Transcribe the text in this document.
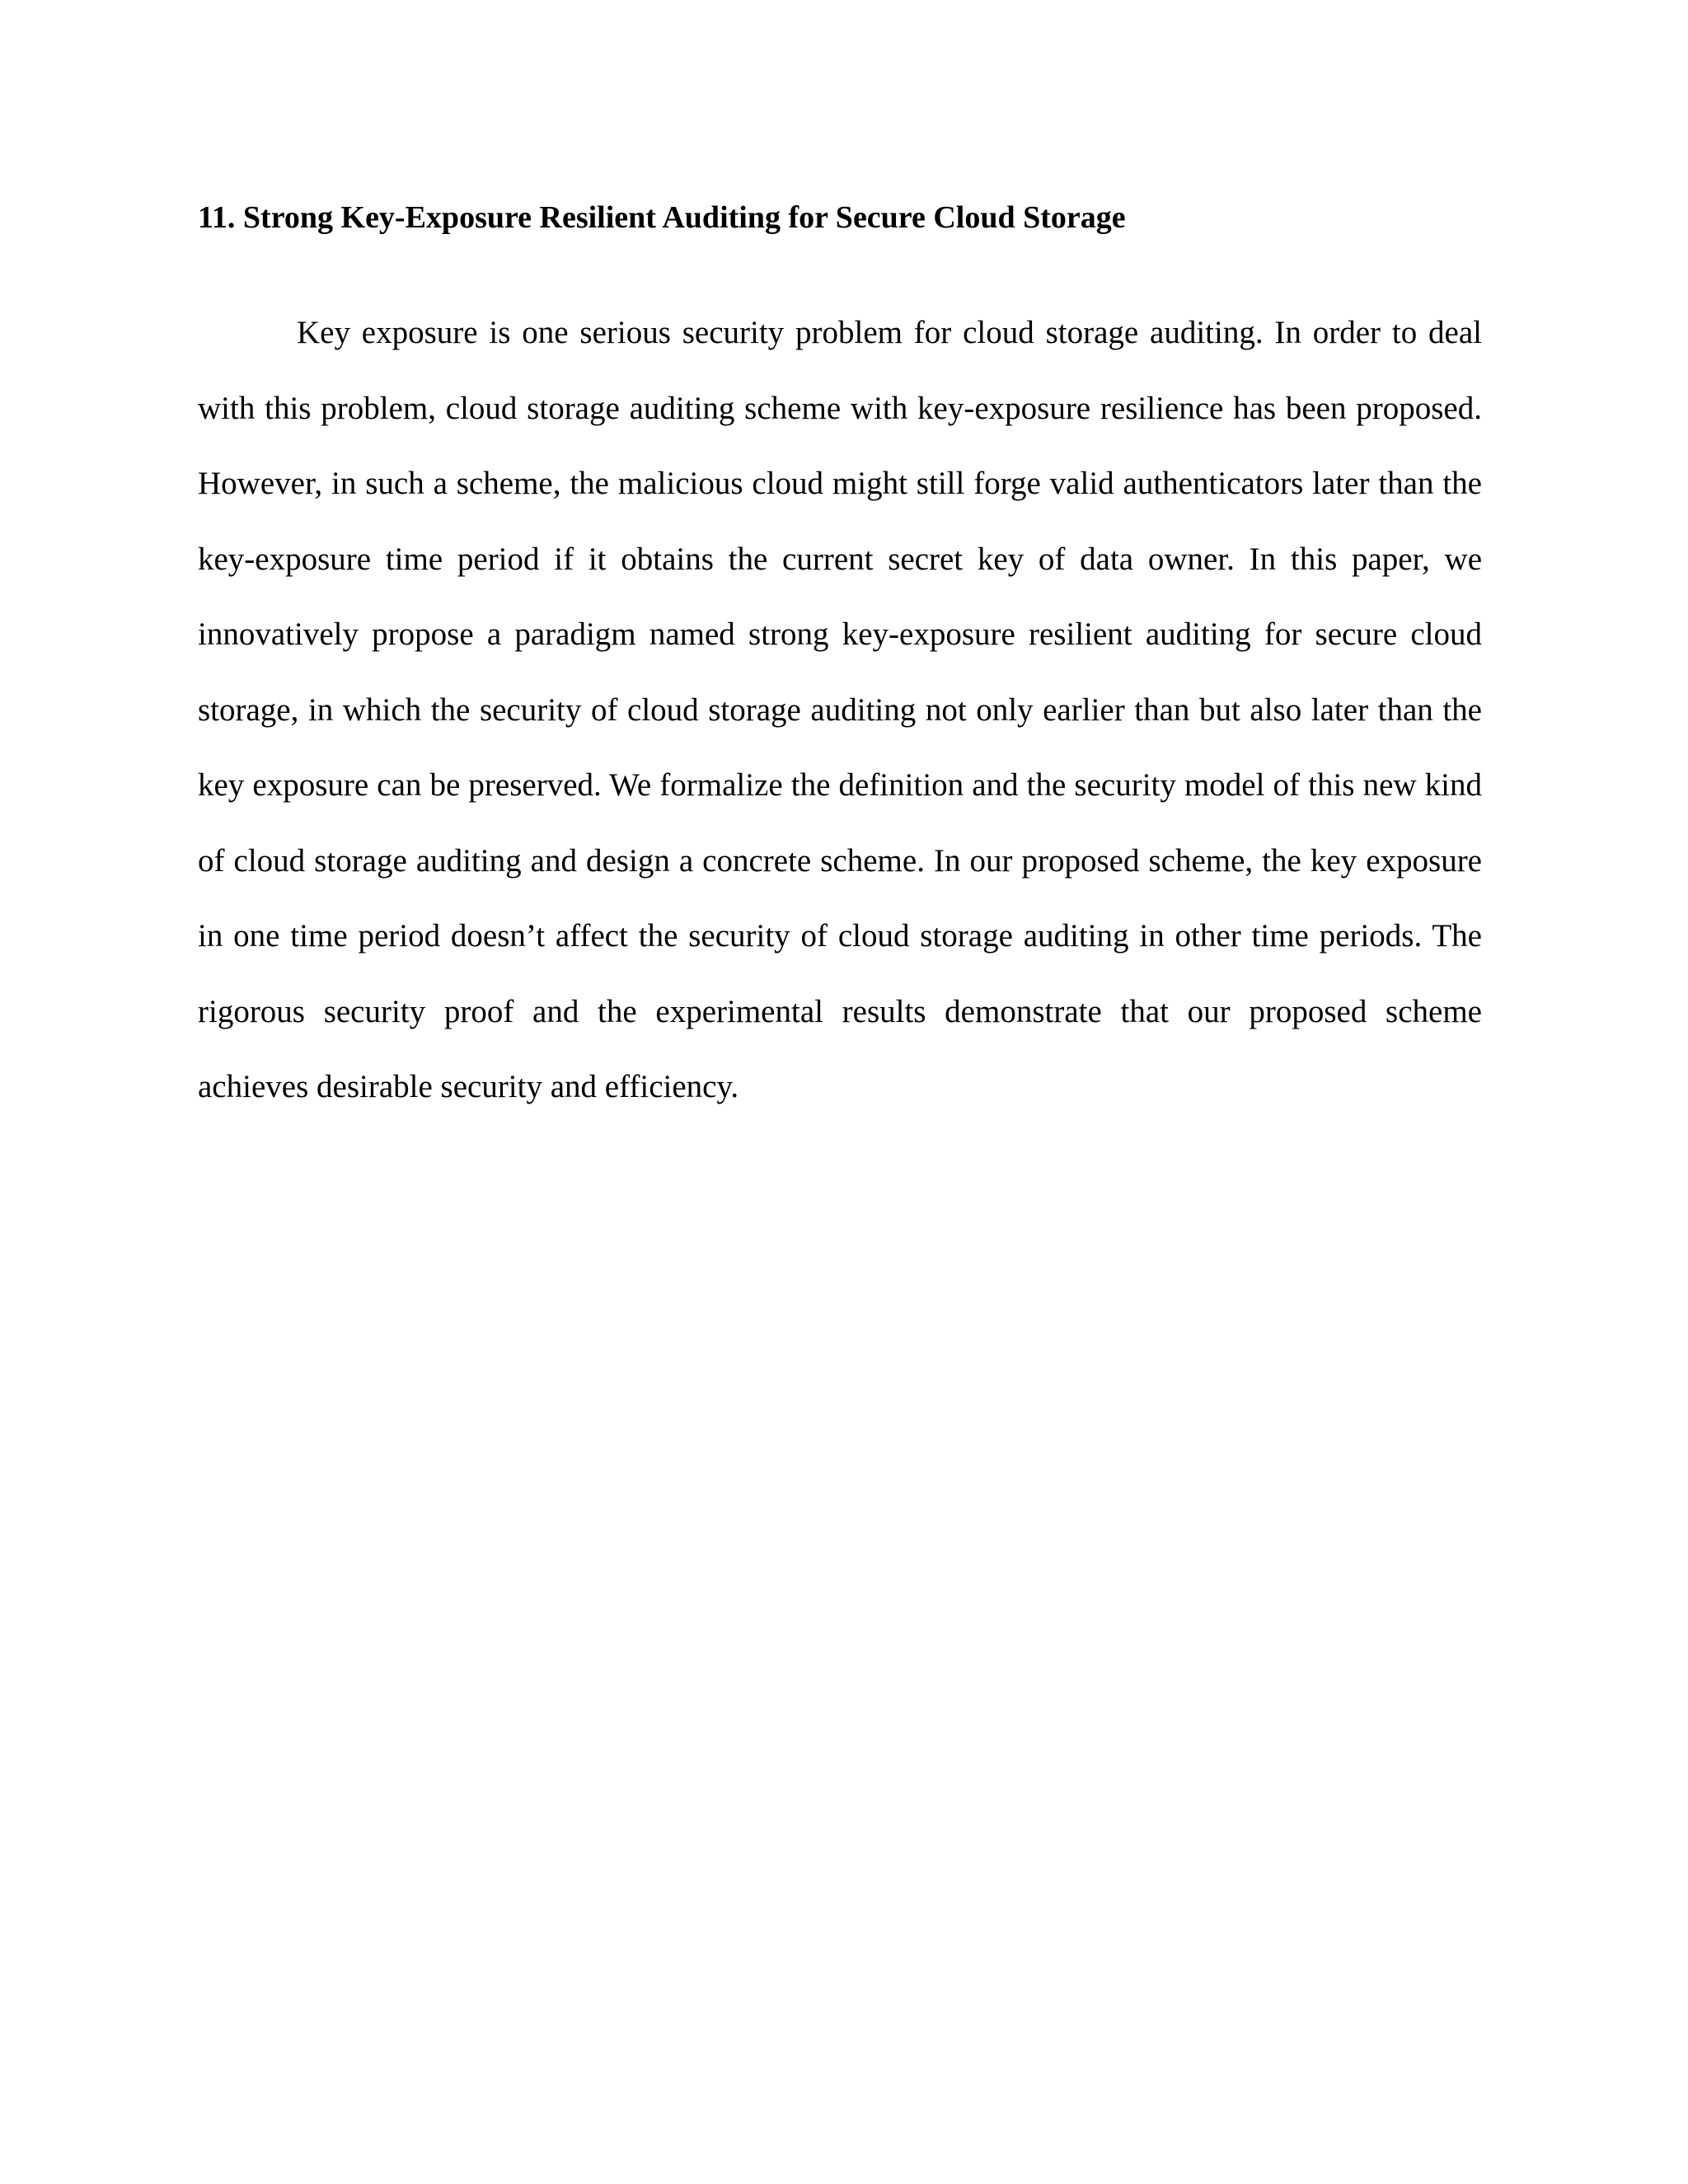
11. Strong Key-Exposure Resilient Auditing for Secure Cloud Storage

Key exposure is one serious security problem for cloud storage auditing. In order to deal with this problem, cloud storage auditing scheme with key-exposure resilience has been proposed. However, in such a scheme, the malicious cloud might still forge valid authenticators later than the key-exposure time period if it obtains the current secret key of data owner. In this paper, we innovatively propose a paradigm named strong key-exposure resilient auditing for secure cloud storage, in which the security of cloud storage auditing not only earlier than but also later than the key exposure can be preserved. We formalize the definition and the security model of this new kind of cloud storage auditing and design a concrete scheme. In our proposed scheme, the key exposure in one time period doesn’t affect the security of cloud storage auditing in other time periods. The rigorous security proof and the experimental results demonstrate that our proposed scheme achieves desirable security and efficiency.
